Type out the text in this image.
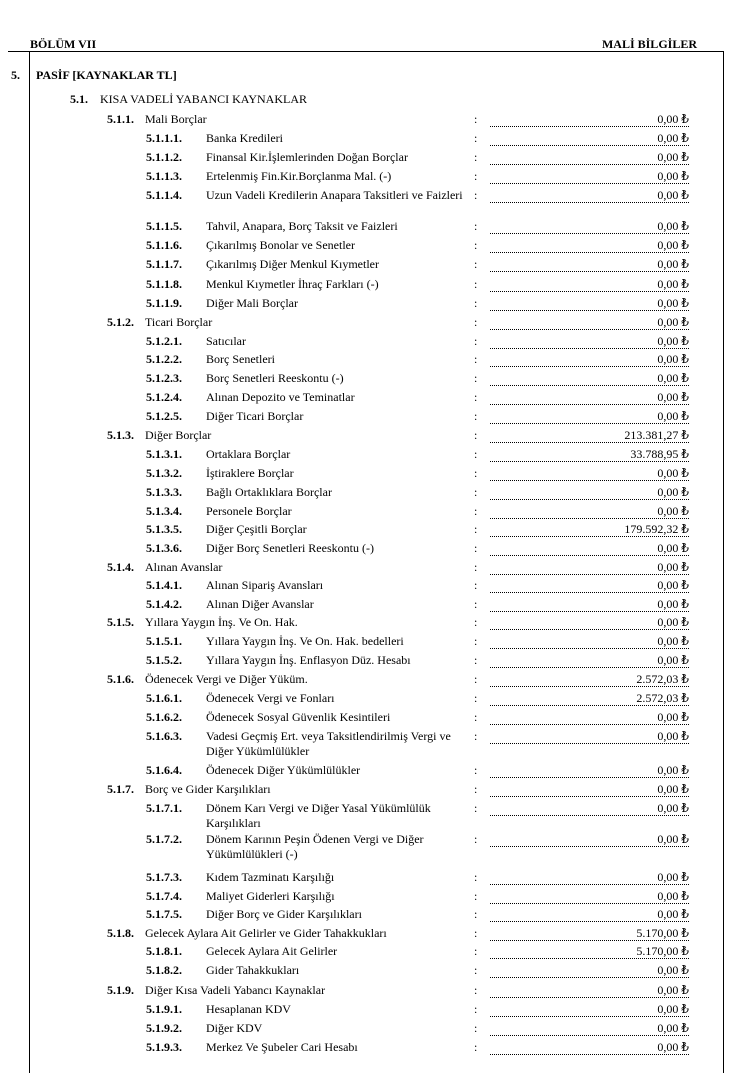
BÖLÜM VII	MALİ BİLGİLER
5. PASİF [KAYNAKLAR TL]
5.1. KISA VADELİ YABANCI KAYNAKLAR
5.1.1. Mali Borçlar	:	0,00 ₺
5.1.1.1. Banka Kredileri	:	0,00 ₺
5.1.1.2. Finansal Kir.İşlemlerinden Doğan Borçlar	:	0,00 ₺
5.1.1.3. Ertelenmiş Fin.Kir.Borçlanma Mal. (-)	:	0,00 ₺
5.1.1.4. Uzun Vadeli Kredilerin Anapara Taksitleri ve Faizleri :	0,00 ₺
5.1.1.5. Tahvil, Anapara, Borç Taksit ve Faizleri	:	0,00 ₺
5.1.1.6. Çıkarılmış Bonolar ve Senetler	:	0,00 ₺
5.1.1.7. Çıkarılmış Diğer Menkul Kıymetler	:	0,00 ₺
5.1.1.8. Menkul Kıymetler İhraç Farkları (-)	:	0,00 ₺
5.1.1.9. Diğer Mali Borçlar	:	0,00 ₺
5.1.2. Ticari Borçlar	:	0,00 ₺
5.1.2.1. Satıcılar	:	0,00 ₺
5.1.2.2. Borç Senetleri	:	0,00 ₺
5.1.2.3. Borç Senetleri Reeskontu (-)	:	0,00 ₺
5.1.2.4. Alınan Depozito ve Teminatlar	:	0,00 ₺
5.1.2.5. Diğer Ticari Borçlar	:	0,00 ₺
5.1.3. Diğer Borçlar	:	213.381,27 ₺
5.1.3.1. Ortaklara Borçlar	:	33.788,95 ₺
5.1.3.2. İştiraklere Borçlar	:	0,00 ₺
5.1.3.3. Bağlı Ortaklıklara Borçlar	:	0,00 ₺
5.1.3.4. Personele Borçlar	:	0,00 ₺
5.1.3.5. Diğer Çeşitli Borçlar	:	179.592,32 ₺
5.1.3.6. Diğer Borç Senetleri Reeskontu (-)	:	0,00 ₺
5.1.4. Alınan Avanslar	:	0,00 ₺
5.1.4.1. Alınan Sipariş Avansları	:	0,00 ₺
5.1.4.2. Alınan Diğer Avanslar	:	0,00 ₺
5.1.5. Yıllara Yaygın İnş. Ve On. Hak.	:	0,00 ₺
5.1.5.1. Yıllara Yaygın İnş. Ve On. Hak. bedelleri	:	0,00 ₺
5.1.5.2. Yıllara Yaygın İnş. Enflasyon Düz. Hesabı	:	0,00 ₺
5.1.6. Ödenecek Vergi ve Diğer Yüküm.	:	2.572,03 ₺
5.1.6.1. Ödenecek Vergi ve Fonları	:	2.572,03 ₺
5.1.6.2. Ödenecek Sosyal Güvenlik Kesintileri	:	0,00 ₺
5.1.6.3. Vadesi Geçmiş Ert. veya Taksitlendirilmiş Vergi ve Diğer Yükümlülükler
:	0,00 ₺
5.1.6.4. Ödenecek Diğer Yükümlülükler	:	0,00 ₺
5.1.7. Borç ve Gider Karşılıkları	:	0,00 ₺
5.1.7.1. Dönem Karı Vergi ve Diğer Yasal Yükümlülük Karşılıkları
:	0,00 ₺
5.1.7.2. Dönem Karının Peşin Ödenen Vergi ve Diğer Yükümlülükleri (-)
:	0,00 ₺
5.1.7.3. Kıdem Tazminatı Karşılığı	:	0,00 ₺
5.1.7.4. Maliyet Giderleri Karşılığı	:	0,00 ₺
5.1.7.5. Diğer Borç ve Gider Karşılıkları	:	0,00 ₺
5.1.8. Gelecek Aylara Ait Gelirler ve Gider Tahakkukları	:	5.170,00 ₺
5.1.8.1. Gelecek Aylara Ait Gelirler	:	5.170,00 ₺
5.1.8.2. Gider Tahakkukları	:	0,00 ₺
5.1.9. Diğer Kısa Vadeli Yabancı Kaynaklar	:	0,00 ₺
5.1.9.1. Hesaplanan KDV	:	0,00 ₺
5.1.9.2. Diğer KDV	:	0,00 ₺
5.1.9.3. Merkez Ve Şubeler Cari Hesabı	:	0,00 ₺
